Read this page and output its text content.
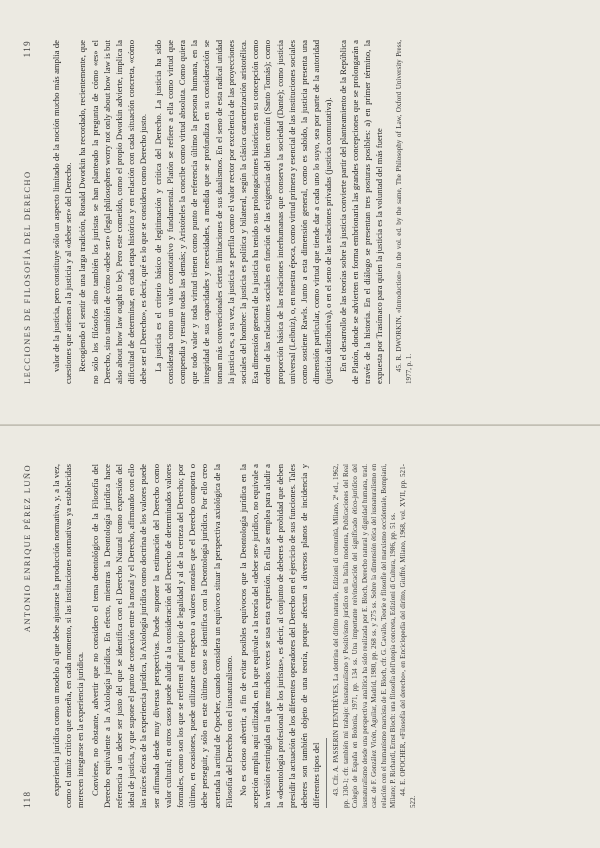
LECCIONES DE FILOSOFÍA DEL DERECHO
119 valor de la justicia, pero constituye sólo un aspecto limitado de la noción mucho más amplia de cuestiones que atienen a la justicia y al «deber ser» del Derecho. Recogiendo el sentir de una larga tradición, Ronald Dworkin ha recordado, recientemente, que no sólo los filósofos sino también los juristas se han planteado la pregunta de cómo «es» el Derecho, sino también de cómo «debe ser» (legal philosophers worry not only about how law is but also about how law ought to be). Pero este cometido, como el propio Dworkin advierte, implica la dificultad de determinar, en cada etapa histórica y en relación con cada situación concreta, «cómo debe ser el Derecho», es decir, qué es lo que se considera como Derecho justo. La justicia es el criterio básico de legitimación y crítica del Derecho. La justicia ha sido considerada como un valor connotativo y fundamental. Platón se refiere a ella como virtud que compendia y resume todas las demás; y Aristóteles la concibe como virtud absoluta. Como quiera que todo valor y toda virtud tienen como punto de referencia último la persona humana, en la integridad de sus capacidades y necesidades, a medida que se profundiza en su consideración se toman más convencionales ciertas limitaciones de sus dualismos. En el seno de esta radical unidad la justicia es, a su vez, la justicia se perfila como el valor rector por excelencia de las proyecciones sociales del hombre: la justicia es política y bilateral, según la clásica caracterización aristotélica. Esa dimensión general de la justicia ha tenido sus prolongaciones históricas en su concepción como orden de las relaciones sociales en función de las exigencias del bien común (Santo Tomás); como proporción básica de las relaciones interhumanas que conserva la sociedad (Dante); como justicia universal (Leibniz), o, en nuestra época, como virtud primera y esencial de las instituciones sociales como sostiene Rawls. Junto a esta dimensión general, como es sabido, la justicia presenta una dimensión particular, como virtud que tiende dar a cada uno lo suyo, sea por parte de la autoridad (justicia distributiva), o en el seno de las relaciones privadas (justicia conmutativa). En el desarrollo de las teorías sobre la justicia convierte partir del planteamiento de la República de Platón, donde se advierten en forma embrionaria las grandes concepciones que se prolongarán a través de la historia. En el diálogo se presentan tres posturas posibles: a) en primer término, la expuesta por Trasímaco para quien la justicia es la voluntad del más fuerte 45. R. DWORKIN, «Introduction» in the vol. ed. by the same, The Philosophy of Law, Oxford University Press, 1977, p. 1.

118
ANTONIO ENRIQUE PÉREZ LUÑO experiencia jurídica como un modelo al que debe ajustarse la producción normativa, y, a la vez, como el tamiz crítico que enseña, en cada momento, si las instituciones normativas ya establecidas merecen integrarse en la experiencia jurídica. Conviene, no obstante, advertir que no considero el tema deontológico de la Filosofía del Derecho equivalente a la Axiología jurídica. En efecto, mientras la Deontología jurídica hace referencia a un deber ser justo del que se identifica con el Derecho Natural como expresión del ideal de justicia, y que supone el punto de conexión entre la moral y el Derecho, afirmando con ello las raíces éticas de la experiencia jurídica, la Axiología jurídica como doctrina de los valores puede ser afirmada desde muy diversas perspectivas. Puede suponer la estimación del Derecho como valor cultural; en otros casos puede aludir a la consideración del Derecho de determinados valores formales, como son los que se refieren al principio de legalidad y al de la certeza del Derecho; por último, en ocasiones, puede utilizarse con respecto a valores morales que el Derecho comporta o debe perseguir, y sólo en este último caso se identifica con la Deontología jurídica. Por ello creo acertada la actitud de Opocher, cuando considera un equívoco situar la perspectiva axiológica de la Filosofía del Derecho con el iusnaturalismo. No es ocioso advertir, a fin de evitar posibles equívocos que la Deontología jurídica en la acepción amplia aquí utilizada, en la que equivale a la teoría del «deber ser» jurídico, no equivale a la versión restringida en la que muchos veces se usa esta expresión. En ella se emplea para aludir a la «deontología profesional de los juristas», es decir, al conjunto de deberes de probidad que deben presidir la actuación de los diferentes operadores del Derecho en el ejercicio de sus funciones. Tales deberes son también objeto de una teoría, porque afectan a diversos planos de incidencia y diferentes tipos del 43. Cfr. A. PASSERIN D'ENTRÈVES, La dottrina del diritto naturale, Edizioni di comunità, Milano, 2ª ed., 1962, pp. 130-1; cfr. también mi trabajo: Iusnaturalismo y Positivismo jurídico en la Italia moderna, Publicaciones del Real Colegio de España en Bolonia, 1971, pp. 134 ss. Una importante reivindicación del significado ético-jurídico del iusnaturalismo desde una perspectiva analítica ha sido realizada por E. Bloch, Derecho natural y dignidad humana, trad. cast. de F. González Vicén, Aguilar, Madrid, 1980, pp. 268 ss. y 275 ss. Sobre la dimensión ética del iusnaturalismo en relación con el humanismo marxista de E. Bloch, cfr. G. Cavallo, Teorie e filosofie del marxismo occidentale, Bompiani, Milano; P. Richardi, Ernst Bloch: una filosofia dell'utopia concreta, Edizioni di Cultura, 1986, pp. 51 ss. 44. E. OPOCHER, «Filosofía del derecho», en Enciclopedia del diritto, Giuffrè, Milano, 1968, vol. XVII, pp. 521-522.
